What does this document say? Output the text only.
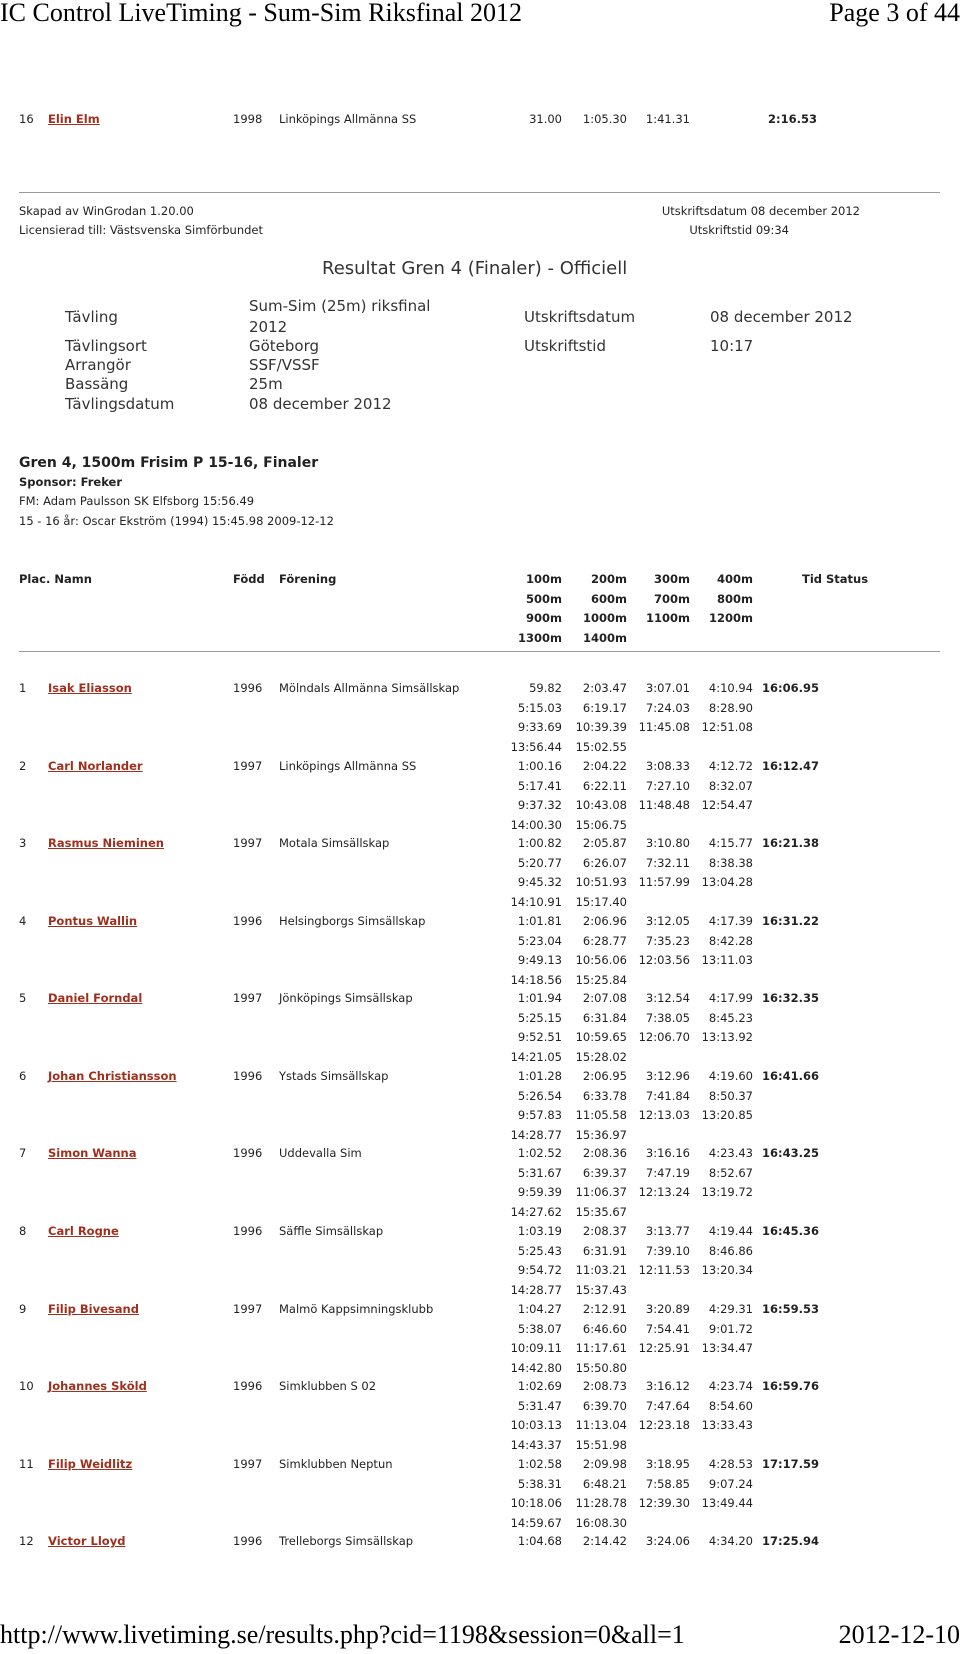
IC Control LiveTiming - Sum-Sim Riksfinal 2012	Page 3 of 44
16 Elin Elm	1998 Linköpings Allmänna SS	31.00	1:05.30	1:41.31	2:16.53
Skapad av WinGrodan 1.20.00
Licensierad till: Västsvenska Simförbundet
Utskriftsdatum 08 december 2012
Utskriftstid 09:34
Resultat Gren 4 (Finaler) - Officiell
Tävling
Sum-Sim (25m) riksfinal
2012
Utskriftsdatum	08 december 2012
Tävlingsort	Göteborg	Utskriftstid	10:17
Arrangör	SSF/VSSF
Bassäng	25m
Tävlingsdatum	08 december 2012
Gren 4, 1500m Frisim P 15-16, Finaler
Sponsor: Freker
FM: Adam Paulsson SK Elfsborg 15:56.49
15 - 16 år: Oscar Ekström (1994) 15:45.98 2009-12-12
Plac. Namn	Född Förening	Tid Status
100m	200m	300m	400m
500m	600m	700m	800m
900m	1000m	1100m	1200m
1300m	1400m
1 Isak Eliasson	1996 Mölndals Allmänna Simsällskap	16:06.95
59.82	2:03.47	3:07.01	4:10.94
5:15.03	6:19.17	7:24.03	8:28.90
9:33.69	10:39.39	11:45.08	12:51.08
13:56.44	15:02.55
2 Carl Norlander	1997 Linköpings Allmänna SS	16:12.47
1:00.16	2:04.22	3:08.33	4:12.72
5:17.41	6:22.11	7:27.10	8:32.07
9:37.32	10:43.08	11:48.48	12:54.47
14:00.30	15:06.75
3 Rasmus Nieminen	1997 Motala Simsällskap	16:21.38
1:00.82	2:05.87	3:10.80	4:15.77
5:20.77	6:26.07	7:32.11	8:38.38
9:45.32	10:51.93	11:57.99	13:04.28
14:10.91	15:17.40
4 Pontus Wallin	1996 Helsingborgs Simsällskap	16:31.22
1:01.81	2:06.96	3:12.05	4:17.39
5:23.04	6:28.77	7:35.23	8:42.28
9:49.13	10:56.06	12:03.56	13:11.03
14:18.56	15:25.84
5 Daniel Forndal	1997 Jönköpings Simsällskap	16:32.35
1:01.94	2:07.08	3:12.54	4:17.99
5:25.15	6:31.84	7:38.05	8:45.23
9:52.51	10:59.65	12:06.70	13:13.92
14:21.05	15:28.02
6 Johan Christiansson	1996 Ystads Simsällskap	16:41.66
1:01.28	2:06.95	3:12.96	4:19.60
5:26.54	6:33.78	7:41.84	8:50.37
9:57.83	11:05.58	12:13.03	13:20.85
14:28.77	15:36.97
7 Simon Wanna	1996 Uddevalla Sim	16:43.25
1:02.52	2:08.36	3:16.16	4:23.43
5:31.67	6:39.37	7:47.19	8:52.67
9:59.39	11:06.37	12:13.24	13:19.72
14:27.62	15:35.67
8 Carl Rogne	1996 Säffle Simsällskap	16:45.36
1:03.19	2:08.37	3:13.77	4:19.44
5:25.43	6:31.91	7:39.10	8:46.86
9:54.72	11:03.21	12:11.53	13:20.34
14:28.77	15:37.43
9 Filip Bivesand	1997 Malmö Kappsimningsklubb	16:59.53
1:04.27	2:12.91	3:20.89	4:29.31
5:38.07	6:46.60	7:54.41	9:01.72
10:09.11	11:17.61	12:25.91	13:34.47
14:42.80	15:50.80
10 Johannes Sköld	1996 Simklubben S 02	16:59.76
1:02.69	2:08.73	3:16.12	4:23.74
5:31.47	6:39.70	7:47.64	8:54.60
10:03.13	11:13.04	12:23.18	13:33.43
14:43.37	15:51.98
11 Filip Weidlitz	1997 Simklubben Neptun	17:17.59
1:02.58	2:09.98	3:18.95	4:28.53
5:38.31	6:48.21	7:58.85	9:07.24
10:18.06	11:28.78	12:39.30	13:49.44
14:59.67	16:08.30
12 Victor Lloyd	1996 Trelleborgs Simsällskap	17:25.94
1:04.68	2:14.42	3:24.06	4:34.20
http://www.livetiming.se/results.php?cid=1198&session=0&all=1	2012-12-10
